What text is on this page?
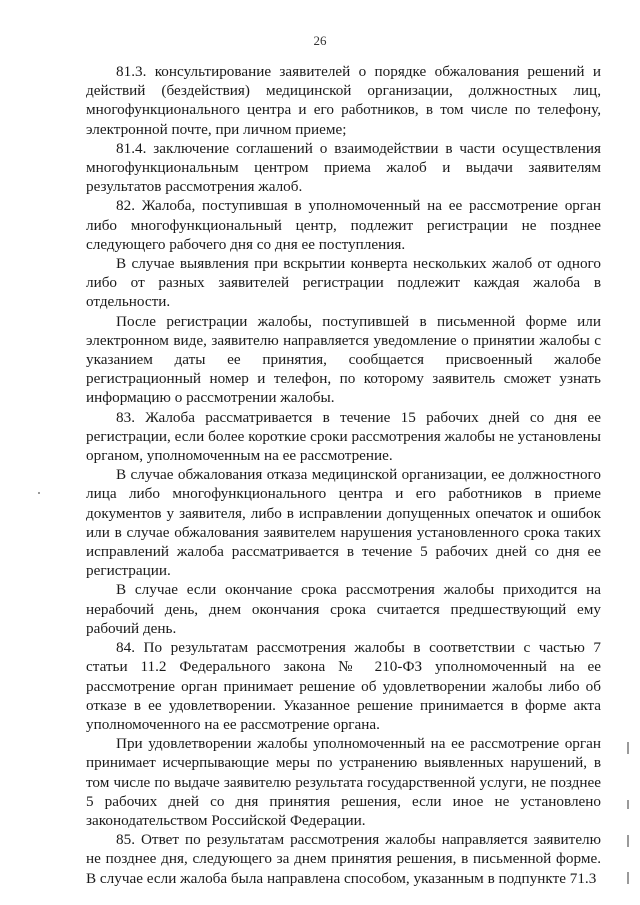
26

81.3. консультирование заявителей о порядке обжалования решений и действий (бездействия) медицинской организации, должностных лиц, многофункционального центра и его работников, в том числе по телефону, электронной почте, при личном приеме;

81.4. заключение соглашений о взаимодействии в части осуществления многофункциональным центром приема жалоб и выдачи заявителям результатов рассмотрения жалоб.

82. Жалоба, поступившая в уполномоченный на ее рассмотрение орган либо многофункциональный центр, подлежит регистрации не позднее следующего рабочего дня со дня ее поступления.

В случае выявления при вскрытии конверта нескольких жалоб от одного либо от разных заявителей регистрации подлежит каждая жалоба в отдельности.

После регистрации жалобы, поступившей в письменной форме или электронном виде, заявителю направляется уведомление о принятии жалобы с указанием даты ее принятия, сообщается присвоенный жалобе регистрационный номер и телефон, по которому заявитель сможет узнать информацию о рассмотрении жалобы.

83. Жалоба рассматривается в течение 15 рабочих дней со дня ее регистрации, если более короткие сроки рассмотрения жалобы не установлены органом, уполномоченным на ее рассмотрение.

В случае обжалования отказа медицинской организации, ее должностного лица либо многофункционального центра и его работников в приеме документов у заявителя, либо в исправлении допущенных опечаток и ошибок или в случае обжалования заявителем нарушения установленного срока таких исправлений жалоба рассматривается в течение 5 рабочих дней со дня ее регистрации.

В случае если окончание срока рассмотрения жалобы приходится на нерабочий день, днем окончания срока считается предшествующий ему рабочий день.

84. По результатам рассмотрения жалобы в соответствии с частью 7 статьи 11.2 Федерального закона № 210-ФЗ уполномоченный на ее рассмотрение орган принимает решение об удовлетворении жалобы либо об отказе в ее удовлетворении. Указанное решение принимается в форме акта уполномоченного на ее рассмотрение органа.

При удовлетворении жалобы уполномоченный на ее рассмотрение орган принимает исчерпывающие меры по устранению выявленных нарушений, в том числе по выдаче заявителю результата государственной услуги, не позднее 5 рабочих дней со дня принятия решения, если иное не установлено законодательством Российской Федерации.

85. Ответ по результатам рассмотрения жалобы направляется заявителю не позднее дня, следующего за днем принятия решения, в письменной форме. В случае если жалоба была направлена способом, указанным в подпункте 71.3
